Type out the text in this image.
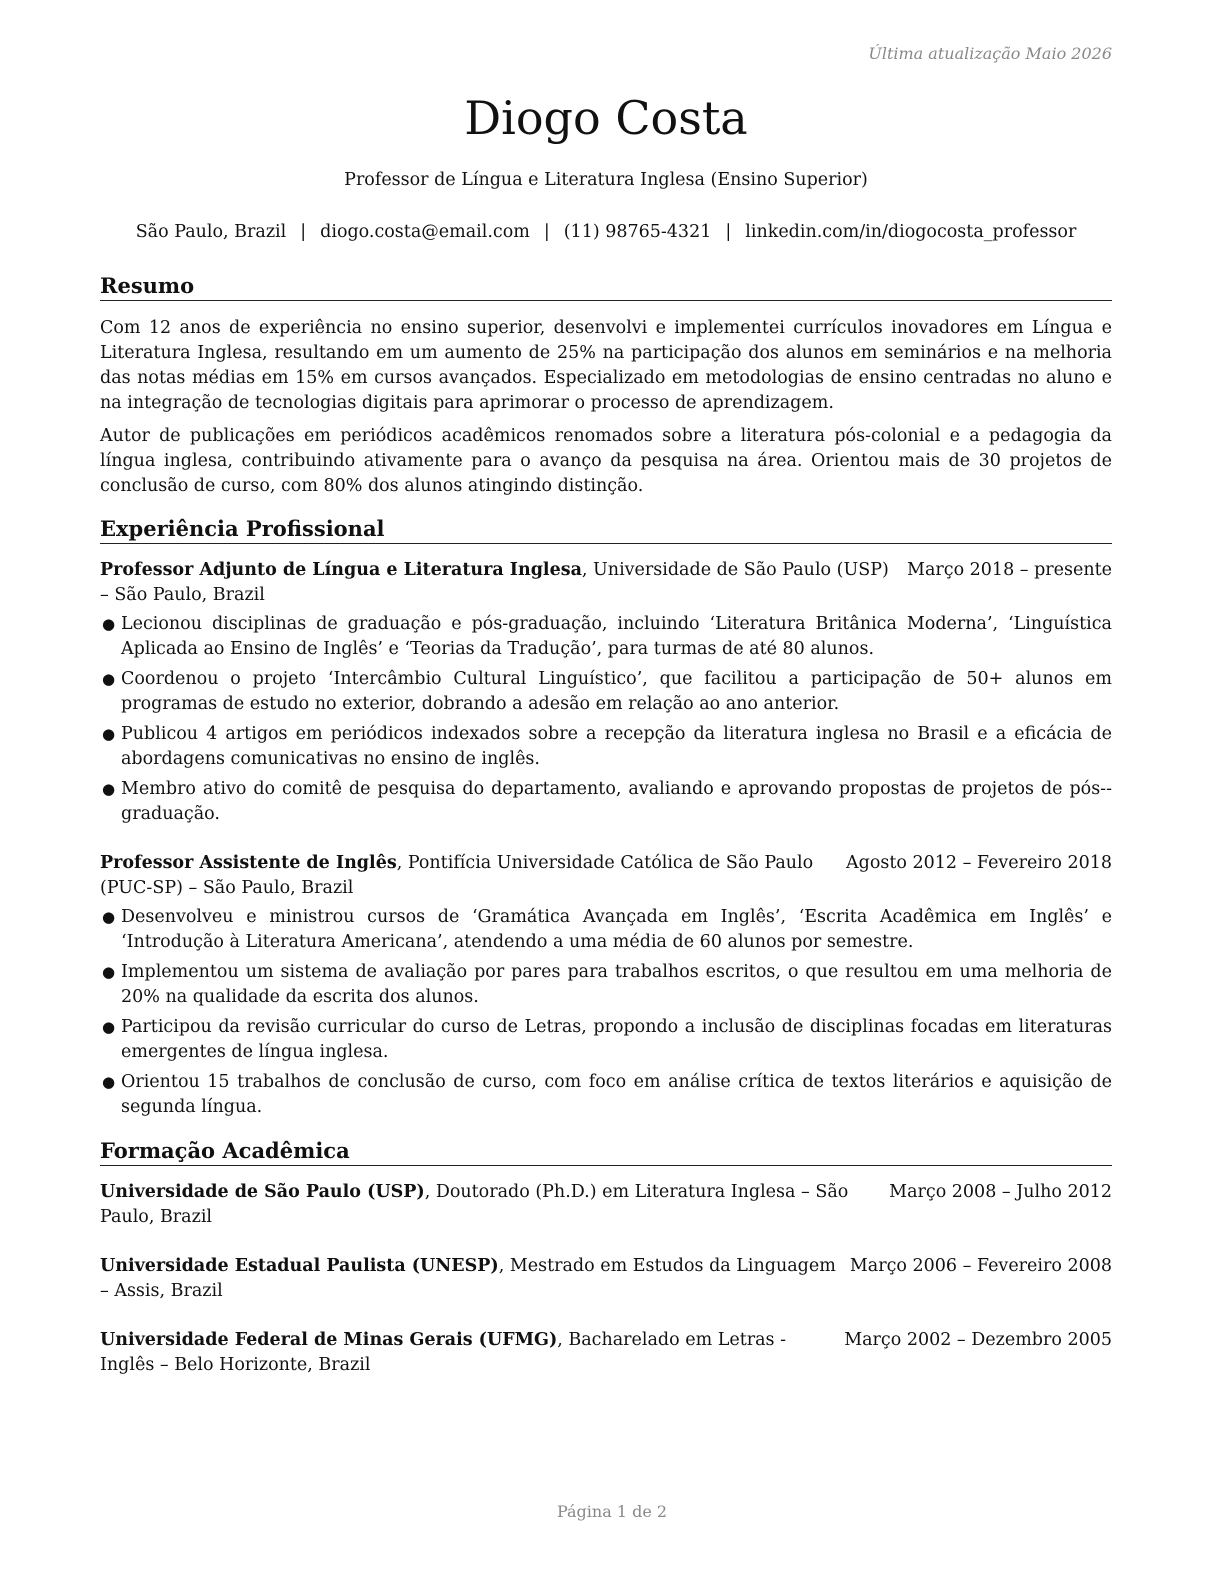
Última atualização Maio 2026
Diogo Costa
Professor de Língua e Literatura Inglesa (Ensino Superior)
São Paulo, Brazil | diogo.costa@email.com | (11) 98765-4321 | linkedin.com/in/diogocosta_professor
Resumo

Com 12 anos de experiência no ensino superior, desenvolvi e implementei currículos inovadores em Língua e Literatura Inglesa, resultando em um aumento de 25% na participação dos alunos em seminários e na melhoria das notas médias em 15% em cursos avançados. Especializado em metodologias de ensino centradas no aluno e na integração de tecnologias digitais para aprimorar o processo de aprendizagem.

Autor de publicações em periódicos acadêmicos renomados sobre a literatura pós-colonial e a pedagogia da língua inglesa, contribuindo ativamente para o avanço da pesquisa na área. Orientou mais de 30 projetos de conclusão de curso, com 80% dos alunos atingindo distinção.

Experiência Profissional
Professor Adjunto de Língua e Literatura Inglesa, Universidade de São Paulo (USP) – São Paulo, Brazil
Março 2018 – presente
● Lecionou disciplinas de graduação e pós-graduação, incluindo ‘Literatura Britânica Moderna’, ‘Linguística Aplicada ao Ensino de Inglês’ e ‘Teorias da Tradução’, para turmas de até 80 alunos.
● Coordenou o projeto ‘Intercâmbio Cultural Linguístico’, que facilitou a participação de 50+ alunos em programas de estudo no exterior, dobrando a adesão em relação ao ano anterior.
● Publicou 4 artigos em periódicos indexados sobre a recepção da literatura inglesa no Brasil e a eficácia de abordagens comunicativas no ensino de inglês.
● Membro ativo do comitê de pesquisa do departamento, avaliando e aprovando propostas de projetos de pós--graduação.
Professor Assistente de Inglês, Pontifícia Universidade Católica de São Paulo (PUC-SP) – São Paulo, Brazil
Agosto 2012 – Fevereiro 2018
● Desenvolveu e ministrou cursos de ‘Gramática Avançada em Inglês’, ‘Escrita Acadêmica em Inglês’ e ‘Introdução à Literatura Americana’, atendendo a uma média de 60 alunos por semestre.
● Implementou um sistema de avaliação por pares para trabalhos escritos, o que resultou em uma melhoria de 20% na qualidade da escrita dos alunos.
● Participou da revisão curricular do curso de Letras, propondo a inclusão de disciplinas focadas em literaturas emergentes de língua inglesa.
● Orientou 15 trabalhos de conclusão de curso, com foco em análise crítica de textos literários e aquisição de segunda língua.
Formação Acadêmica
Universidade de São Paulo (USP), Doutorado (Ph.D.) em Literatura Inglesa – São Paulo, Brazil
Março 2008 – Julho 2012
Universidade Estadual Paulista (UNESP), Mestrado em Estudos da Linguagem – Assis, Brazil
Março 2006 – Fevereiro 2008
Universidade Federal de Minas Gerais (UFMG), Bacharelado em Letras - Inglês – Belo Horizonte, Brazil
Março 2002 – Dezembro 2005
Página 1 de 2
